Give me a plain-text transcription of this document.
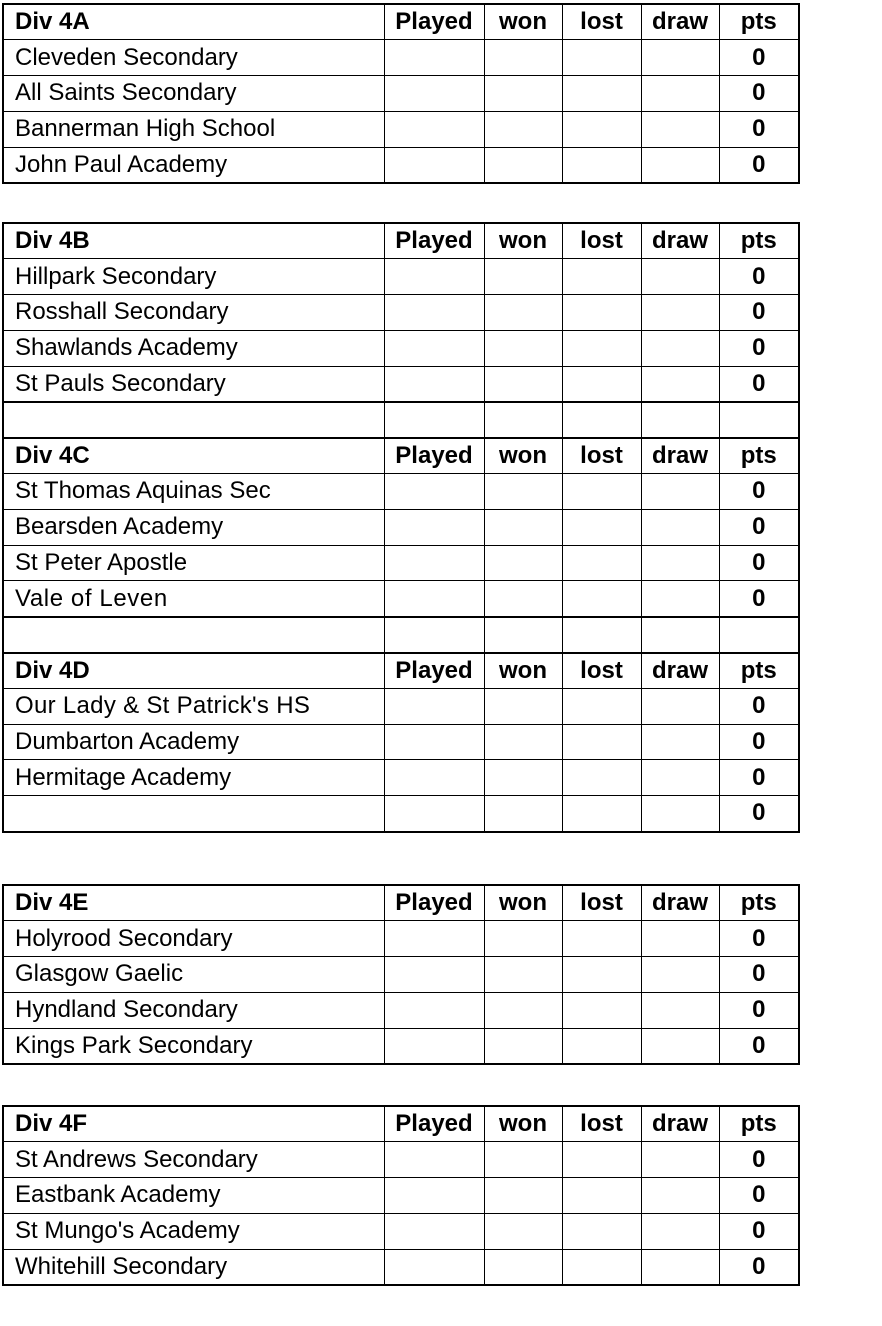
Div 4A	Played	won	lost	draw	pts
Cleveden Secondary					0
All Saints Secondary					0
Bannerman High School					0
John Paul Academy					0
Div 4B	Played	won	lost	draw	pts
Hillpark Secondary					0
Rosshall Secondary					0
Shawlands Academy					0
St Pauls Secondary					0

Div 4C	Played	won	lost	draw	pts
St Thomas Aquinas Sec					0
Bearsden Academy					0
St Peter Apostle					0
Vale of Leven					0

Div 4D	Played	won	lost	draw	pts
Our Lady & St Patrick's HS					0
Dumbarton Academy					0
Hermitage Academy					0
					0
Div 4E	Played	won	lost	draw	pts
Holyrood Secondary					0
Glasgow Gaelic					0
Hyndland Secondary					0
Kings Park Secondary					0
Div 4F	Played	won	lost	draw	pts
St Andrews Secondary					0
Eastbank Academy					0
St Mungo's Academy					0
Whitehill Secondary					0
